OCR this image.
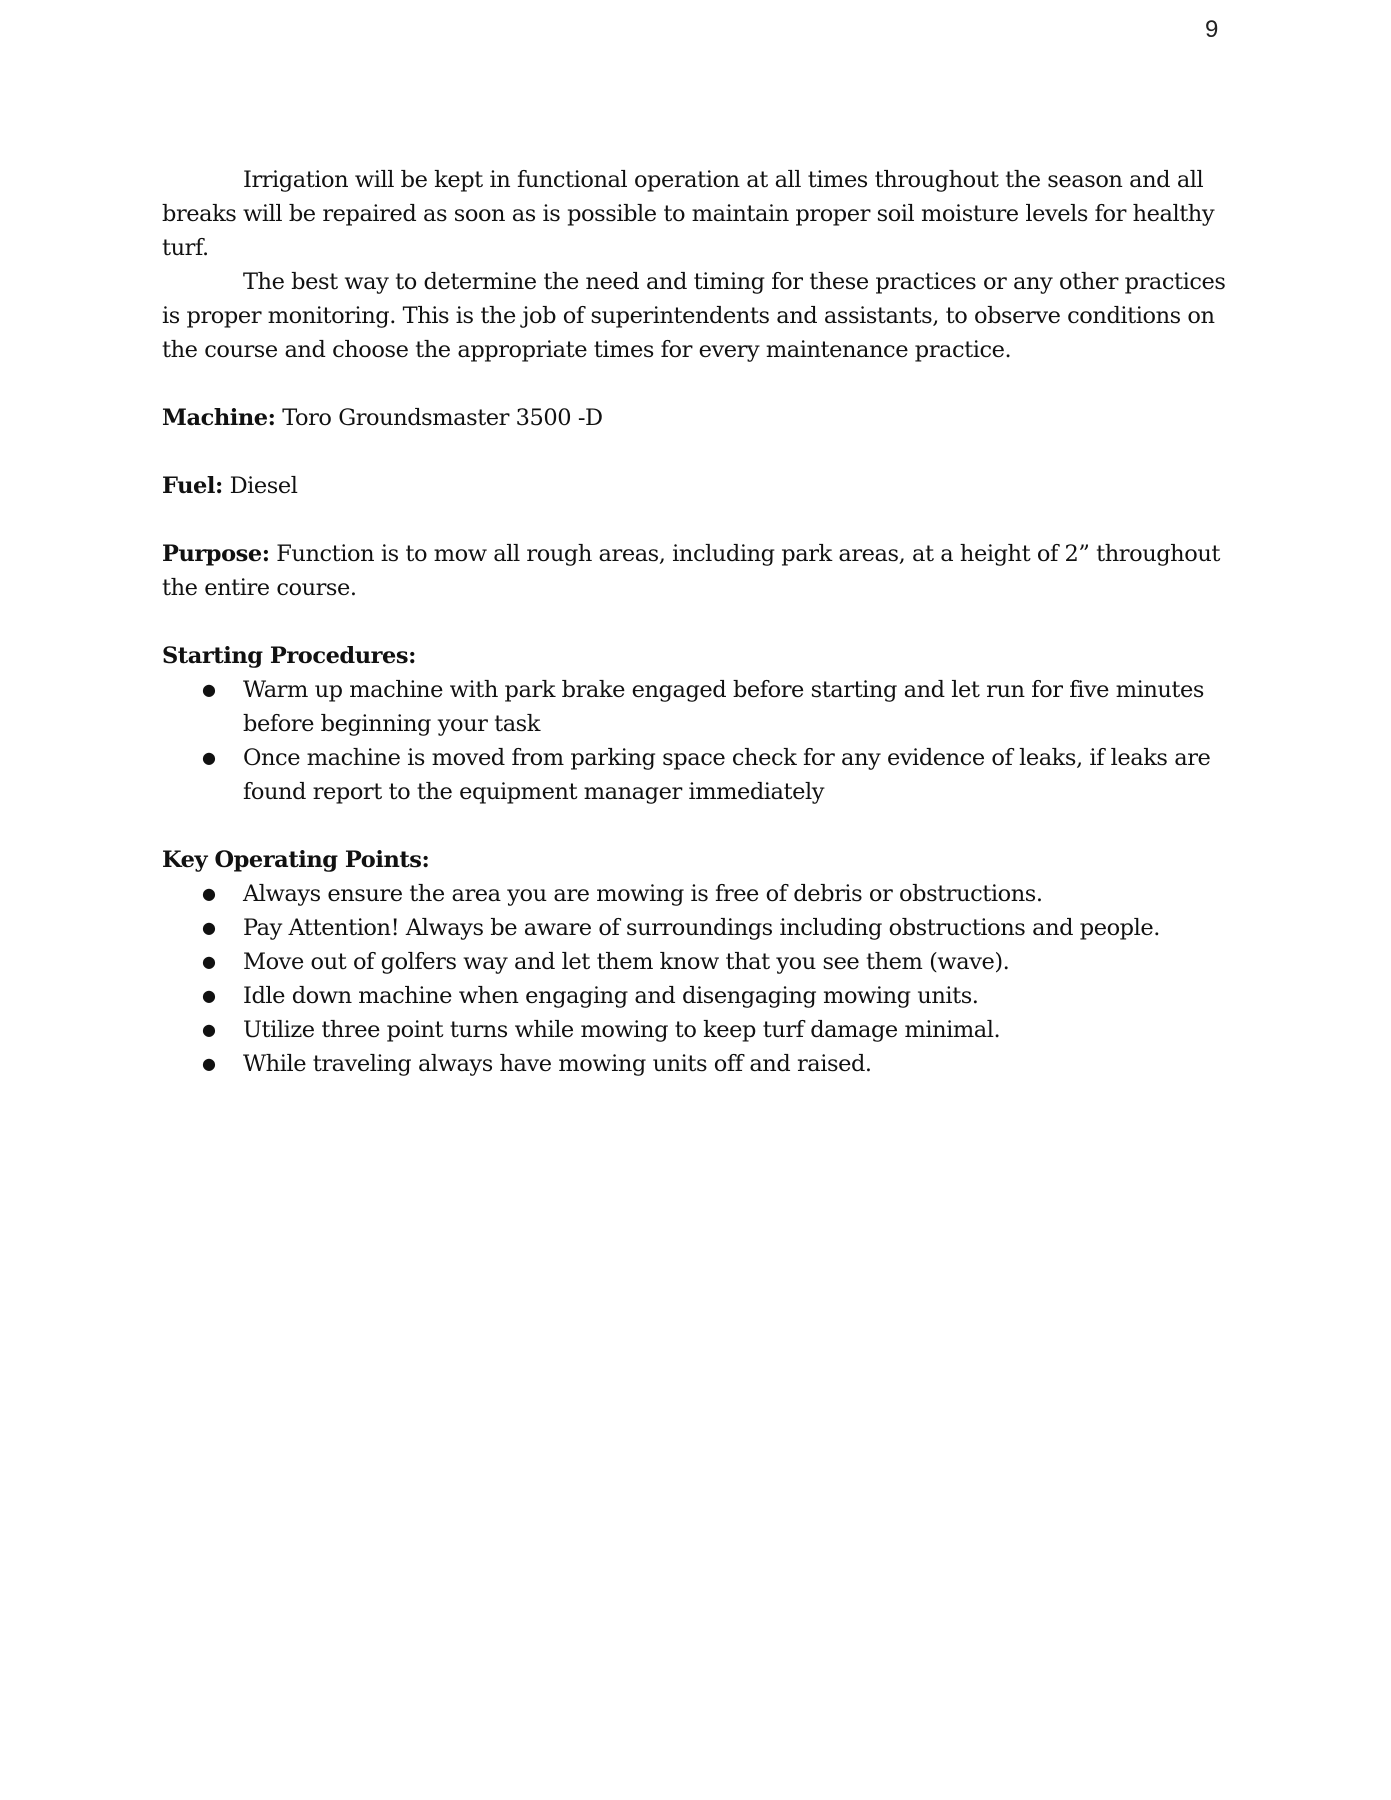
9

Irrigation will be kept in functional operation at all times throughout the season and all breaks will be repaired as soon as is possible to maintain proper soil moisture levels for healthy turf.

The best way to determine the need and timing for these practices or any other practices is proper monitoring. This is the job of superintendents and assistants, to observe conditions on the course and choose the appropriate times for every maintenance practice.

Machine: Toro Groundsmaster 3500 -D

Fuel: Diesel

Purpose: Function is to mow all rough areas, including park areas, at a height of 2” throughout the entire course.

Starting Procedures:
● Warm up machine with park brake engaged before starting and let run for five minutes before beginning your task
● Once machine is moved from parking space check for any evidence of leaks, if leaks are found report to the equipment manager immediately
Key Operating Points:
● Always ensure the area you are mowing is free of debris or obstructions.
● Pay Attention! Always be aware of surroundings including obstructions and people.
● Move out of golfers way and let them know that you see them (wave).
● Idle down machine when engaging and disengaging mowing units.
● Utilize three point turns while mowing to keep turf damage minimal.
● While traveling always have mowing units off and raised.
